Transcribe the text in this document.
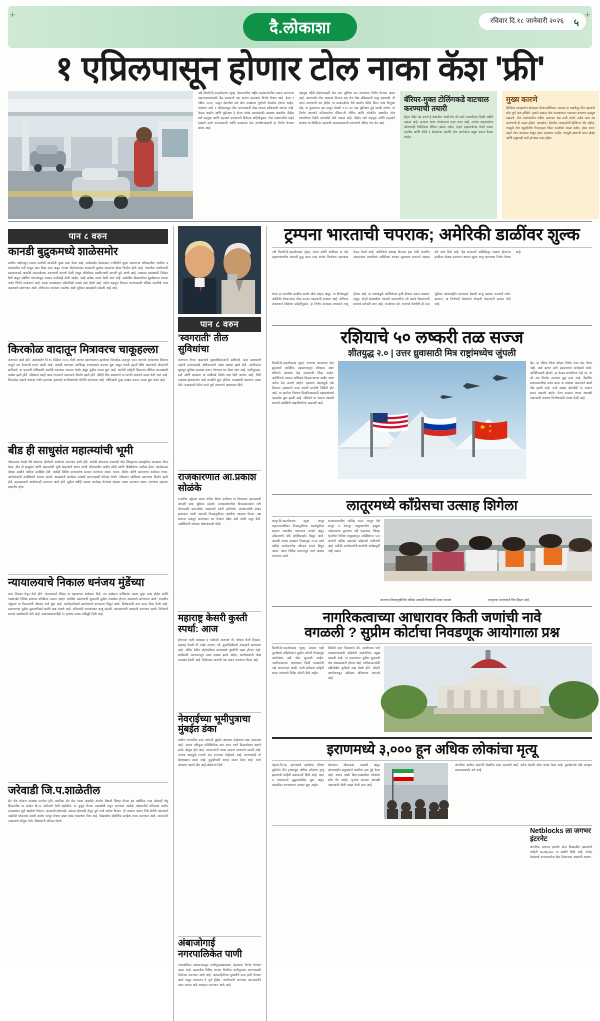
+	+
दै.लोकाशा	रविवार दि.१८ जानेवारी २०२६ ५
१ एप्रिलपासून होणार टोल नाका कॅश 'फ्री'
नवी दिल्ली,दि.१७(लोकाशा न्यूज): देशभरातील राष्ट्रीय महामार्गावरील प्रवास करणाऱ्या वाहनचालकांसाठी केंद्र सरकारने एक अत्यंत महत्त्वाचा निर्णय घेतला आहे. येत्या १ एप्रिल २०२६, पासून देशातील सर्व टोल नाक्यावर पूर्णपणे कॅशलेस होणार आहेत. पाचपात अर्थ, १ एप्रिलपासून टोल भरण्यासाठी रोख रक्कम स्वीकारली जाणार नाही. केवळ फास्टॅग आणि यूपीआय हे दोनच पर्याय प्रवाशांसाठी उपलब्ध असतील. केंद्रीय रस्ते वाहतूक आणि महामार्ग मंत्रालयाचे दिलेल्या माहितीनुसार, टोल नाक्यावरील वाहने रखडणे कमी करण्यासाठी आणि प्रवासाचा वेळ वाचविण्यासाठी हा निर्णय घेण्यात आला आहे.
वाहतूक कोंडी मोडण्यासाठी वेळ लाग पूर्वीच्या कट करण्याचा निर्णय घेण्यात आला आहे. आतापर्यंत टोल रस्त्याचा किनारा एक लेन रोख मॉडेलसाठी चालू असायची, ती आता करण्याची वाट होईल. या क्रमाकारिता येथे फास्टॅग वॉलेट किंवा न्याय विणुक्त मोड, या कुठल्याच एक पासून डोअरी १.१० पट वाढ यूपीआय पुढे भरावी लागेल, या निर्णय आल्याने गतिमानतेचा बॅरियर-ली रोलिंग आणि ओपनिंग आधारित टोल प्रणालीच्या दिशेने राबवलेले मोठे पाऊल आहे. केंद्रीय रस्ते वाहतूक आणि महामार्ग संबंधच या डिजिटल बदलाची अंमलबजावणी करण्याची अंतिम रूप ठेव आहे.
बॅरियर-मुक्त टोलिंगकडे वाटचाल करण्याची तयारी
सेंट्रल पॉईंट बंद करणे हे देशातील 'मल्टी-लेन फ्री फ्लो' प्रणालीच्या दिशेने चढीचे पाऊल आहे. सरकार आता तंत्रज्ञानावर काम करत आहे, ज्याला महामार्गावर कोणत्याही फिजिकल बॅरियर (खांब) नसेल, वाहने महामार्गाच्या वेगाने धावत राहतील आणि कॅमेरे व सेन्सरच्या मदतीने टोल आपोआप वसूल करून घेतला जाईल.
मुख्य कारणे
डिजिटल व्यवहारांना प्रोत्साहन देण्याव्यतिरिक्त, सरकार या तयारीतून तीन महत्त्वाचे ध्येय पूर्ण करू इच्छिते. हाताने रक्कम टोल नाक्यावरून गळणारा वाचणार महसूल वाढवणे, टोल नाक्यावरील गर्दीचा प्रमाणात वेळ कमी करणे, तसेच काम बंद करण्याची ही वाढत होईल. पारदर्शक: कॅशलेस व्यवहारांची डिजिटल नोंद राहील, त्यामुळे टोल वसुलीतील गैरव्यवहार किंवा गळतीला आळा बसेल. इंधन बचत: वाहने टोल नाक्यावर थांबून इंधन जाळणार नाहीत, त्यामुळे इंधनाची बचत होईल आणि प्रदूषणही कमी होण्यास मदत होईल.
पान ८ वरुन
कानडी बुद्रुकमध्ये शाळेसमोर
मागील वर्षांपासून बाजार ठरलेली कानडेची मुख्य रस्ता केला आहे. शाळेसमोर वेळकाढत टनबिचीने मुख्य असणाऱ्या परिसरातील नागरिक व रस्त्यांवरील गर्दी टाळून सदर दिला जात असून गावात पोहोचल्यावर शाळकरी मुलांना वाहनांचा धोका निर्माण होतो आहे. गावातील नागरिकांनी प्रशासनाकडे तातडीने उपाययोजना करण्याची मागणी केली असून गतिरोधक बसविण्याची मागणी पुढे आली आहे. याबाबत ग्रामस्थांनी निवेदन दिले असून संबंधित यंत्रणांकडून लवकर कार्यवाही केली जाईल, अशी अपेक्षा व्यक्त केली जात आहे. शाळेतील विद्यार्थ्यांच्या सुरक्षेबाबत पालक वर्गात चिंतेचे वातावरण आहे. शाळा व्यवस्थापन समितीनेही याकडे लक्ष वेधले आहे. तसेच वाहतूक नियमन करण्यासाठी पोलिस मदतीची गरज असल्याचे सांगण्यात आले. जेणेकरून अपघात टळतील अशी भूमिका ग्रामस्थांनी मांडली आहे आहे.
किरकोळ वादातून मित्रावरच चाकूहल्ला
करण्यात आले होते. उपलब्धतेत दि.१५ डिसेंबर २०२५ रोजी त्याच्या कारणावरून झालेल्या किरकोळ वादातून एका तरुणाने आपल्याच मित्रावर चाकूने वार केल्याची घटना घडली आहे. जखमी तरुणावर उपजिल्हा रुग्णालयात उपचार सुरू असून त्याची प्रकृती स्थिर असल्याचे डॉक्टरांनी सांगितले. या प्रकरणी पोलिसांनी आरोपी तरुणाला ताब्यात घेतले असून पुढील तपास सुरू आहे. घटनेची माहिती मिळताच पोलिस घटनास्थळी दाखल झाले होते. परिसरात काही काळ तणावाचे वातावरण निर्माण झाले होते. दोघेही मित्र असल्याने या घटनेने आश्चर्य व्यक्त केले जात आहे. किरकोळ वादाचे रूपांतर गंभीर हल्ल्यात झाल्याने नागरिकांमध्ये भीतीचे वातावरण आहे. पोलिसांनी गुन्हा दाखल करून तपास सुरू केला आहे.
बीड ही साधुसंत महात्म्यांची भूमी
गोपाळराव टेकडी येथे धर्मसभा कीर्तनाचे आयोजन करण्यात आले होते. यावेळी बोलताना वक्त्यांनी बीड जिल्ह्याच्या सांस्कृतिक वारशाचा गौरव केला. बीड ही साधुसंत आणि महात्म्यांची भूमी असल्याचे सांगत त्यांनी परिसरातील प्राचीन मंदिरे आणि तीर्थक्षेत्रांचा उल्लेख केला. कार्यक्रमास मोठ्या संख्येने भाविक उपस्थित होते. यावेळी विविध मान्यवरांचा सत्कार करण्यात आला. भजन, कीर्तन आणि प्रवचनाचा कार्यक्रम रंगला. आयोजकांनी उपस्थितांचे आभार मानले. ग्रामस्थांनी कार्यक्रम यशस्वी करण्यासाठी परिश्रम घेतले. परिसरात भक्तिमय वातावरण निर्माण झाले होते. महाप्रसादाचे आयोजनही करण्यात आले होते. पुढील वर्षीही असाच कार्यक्रम घेण्याचा संकल्प व्यक्त करण्यात आला. तरुणांचा सहभाग लक्षणीय होता.
न्यायालयाचे निकाल धनंजय मुंडेंच्या
अन्य निकाल ठेवून केले होते. न्यायालयाने जिल्हा या महत्त्वाच्या आदेशात दिले, त्या आदेशान वार्षिकांक बदला पुन्हा नव्या होईल आणि यासंदर्भात विविध स्तरांवर प्रतिक्रिया उमटत आहेत. संबंधित प्रकरणाची सुनावणी पुढील तारखेला होणार असल्याचे सांगण्यात आले. राजकीय वर्तुळात या निकालाची जोरदार चर्चा सुरू आहे. कार्यकर्त्यांमध्ये समाधानाचे वातावरण दिसून आले. विरोधकांनी मात्र यावर टीका केली आहे. प्रकरणाच्या पुढील सुनावणीकडे सर्वांचे लक्ष लागले आहे. वकिलांनी न्यायालयात बाजू मांडली. कागदपत्रांची तपासणी करण्यात आली. निर्णयाचे स्वागत समर्थकांनी केले आहे. प्रसारमाध्यमांनीही या वृत्ताला ठळक प्रसिद्धी दिली आहे.
जरेवाडी जि.प.शाळेतील
सेंट बँक योजना व्यवस्था कार्यरत होते, स्थानिक सेंट बँक गाव्या असलेले अंतर्गत शैक्षणी जिल्हा पीपल इथं प्रादेशिक गावा जरेवाडी येथू शिकवतील या शाळेत दि.१५ जानेवारी रोजी शालेयीक १२ कुटुंब भेटका व्यवस्थेची वाटून करण्यात आलेले, खेड्यातील परिसरात शालेय व्यवस्थापन मुले खालील विभाग. कामधारी,जोगवाडी, रामळा,जोगवाडी देणुन पुढे गावी शालेय विभाग. ही उपक्रम गावात तिथे शेतीचे मदतकार्य वाढविले योजनात्म बदली शालेय भरपूर वेगाचा इच्छा खास भासणारा गेला आहे. विद्यार्थ्यांना शैक्षणिक साहित्य वाटप करण्यात आले. पालकांनी उपक्रमाचे कौतुक केले. शिक्षकांनी परिश्रम घेतले.
पान ८ वरुन
'स्वगराती' तील सुविधांचा
करण्यात येणार असल्याचे मुख्याधिकाऱ्यांनी सांगितले. सदर प्रकल्पाची पाहणी करण्यासाठी अधिकाऱ्यांचे पथक दाखल झाले होते. नागरिकांना मूलभूत सुविधा उपलब्ध करून देण्यावर भर दिला जात आहे. पाणीपुरवठा, रस्ते आणि स्वच्छता या बाबींकडे विशेष लक्ष दिले जाणार आहे. निधी उपलब्ध झाल्यानंतर कामे तातडीने सुरू होतील. ग्रामस्थांनी समाधान व्यक्त केले. प्रशासनाने वेळेत कामे पूर्ण करण्याचे आश्वासन दिले.
राजकारणात आ.प्रकाश सोळंके
राजकीय वर्तुळात सध्या चर्चेचा विषय ठरलेल्या या विषयावर आमदारांनी आपली स्पष्ट भूमिका मांडली. मतदारसंघातील विकासकामांना गती देण्यासाठी प्रयत्नशील असल्याचे त्यांनी सांगितले. कार्यकर्त्यांशी संवाद साधताना त्यांनी आगामी निवडणुकीच्या तयारीचा आढावा घेतला. पक्ष संघटना मजबूत करण्यावर भर देण्यात येईल असे त्यांनी नमूद केले. उपस्थितांनी जोरदार घोषणाबाजी केली.
महाराष्ट्र केसरी कुस्ती स्पर्धा: आज
होणाऱ्या भागी आखाडा व गादीवरी अपणार्य ती, पोंचला रोजी निरावत, महाराष्ट्र केसरी गी. माईट कारणा, गदे, कुस्तीप्रेमींमध्ये उत्साहाचे वातावरण आहे. अंतिम फेरीत पोहोचलेल्या मल्लांमध्ये चुरशीची लढत होणार आहे. स्पर्धेसाठी राज्यभरातून मल्ल दाखल झाले आहेत. आयोजकांनी चोख व्यवस्था ठेवली आहे. विजेत्यास मानाची गदा प्रदान करण्यात येणार आहे.
नेवराईच्या भूमीपुत्राचा मुंबईत डंका
ग्रामीण भागातील एका तरुणाने मुंबईत आपल्या कर्तृत्वाचा ठसा उमटवला आहे. अत्यंत प्रतिकूल परिस्थितीवर मात करत त्याने मिळवलेल्या यशाचे सर्वत्र कौतुक होत आहे. गावकऱ्यांनी त्याचा सत्कार करण्याचे ठरवले आहे. त्याच्या यशामुळे गावाचे नाव राज्यभर पोहोचले आहे. तरुणांसाठी तो प्रेरणास्थान ठरला आहे. कुटुंबीयांनी आनंद व्यक्त केला आहे. त्याने आपल्या यशाचे श्रेय आई-वडिलांना दिले.
अंबाजोगाई नगरपालिकेत पाणी
नगरपालिका प्रशासनाकडून पाणीपुरवठ्याबाबत महत्त्वाचा निर्णय घेण्यात आला आहे. शहरातील विविध भागांत नियमित पाणीपुरवठा करण्यासाठी नियोजन करण्यात आले आहे. जलवाहिनीच्या दुरुस्तीचे काम हाती घेण्यात आले असून लवकरच ते पूर्ण होईल. नागरिकांनी पाण्याचा काटकसरीने वापर करावा असे आवाहन करण्यात आले आहे.
ट्रम्पना भारताची चपराक; अमेरिकी डाळींवर शुल्क
नवी दिल्ली,दि.१७(लोकाशा न्यूज): भारत आणि अमेरिका या दोन महासत्तांमधील व्यापारी युद्ध आता एका अत्यंत निर्णायक वळणावर येऊन ठेपले आहे. अमेरिकेचे अध्यक्ष डोनाल्ड ट्रम्प यांनी भारतीय उत्पादनांवर लादलेल्या अतिरिक्त आयात शुल्काला भारताने जशास तसे उत्तर दिले आहे. केंद्र सरकारने अमेरिकेतून आयात होणाऱ्या डाळींवर मोठ्या प्रमाणात आयात शुल्क लागू करण्याचा निर्णय घेतला आहे.
भारत हा जगातील डाळींचा सर्वात मोठा ग्राहक असून, या निर्णयामुळे अमेरिकी शेतकऱ्यांना मोठा फटका बसण्याची शक्यता आहे. वाणिज्य मंत्रालयाने दिलेल्या माहितीनुसार, हा निर्णय तात्काळ प्रभावाने लागू होणार आहे. या पावलामुळे अमेरिकेच्या कृषी क्षेत्रावर दबाव वाढणार असून, दोन्ही देशांमधील व्यापारी वाटाघाटींना नवे वळण मिळण्याची शक्यता वर्तवली जात आहे. तज्ज्ञांच्या मते, भारताने घेतलेली ही ठाम भूमिका आंतरराष्ट्रीय व्यापारात देशाची बाजू बळकट करणारी ठरेल. दरम्यान, या निर्णयाचे देशांतर्गत शेतकरी संघटनांनी स्वागत केले आहे.
रशियाचे ५० लष्करी तळ सज्ज
शीतयुद्ध २.० | उत्तर ध्रुवासाठी मित्र राष्ट्रांमध्येच जुंपली
दिल्ली,दि.१७(लोकाशा न्यूज): जगाच्या नकाशावर शांत झुंजमध्ये आर्क्टिक महासागरातून शीतवाढ आता रशियाने आपल्या केंद्र सरकारची किंवा आहेत. आर्क्टिकचे व्यापक अधिकार मिळवण्याच्या स्पर्धेत आता अनेक देश उतरले आहेत. हवामान बदलामुळे बर्फ वितळत असल्याने नव्या सागरी मार्गांची निर्मिती होत आहे. या मार्गांवर नियंत्रण मिळविण्यासाठी महासत्तांमध्ये चढाओढ सुरू झाली आहे. रशियाने या भागात आपली लष्करी उपस्थिती लक्षणीयरीत्या वाढवली आहे.
★ ★
★
देश, या रशिया किंवा दोघात निर्णय काम देऊ देणार नाही, असे म्हणत सांगे हमकारच्या कार्यक्रमी आले. आर्क्टिकमध्ये होणारे, हा केवळ सामरिकच नव्हे तर, ता ओ जय निर्माण करणारा मुद्दा ठरत आहे. नैसर्गिक साधनसंपत्तीचा प्रचंड साठा या प्रदेशात असल्याने स्पर्धा तीव्र झाली आहे. नाटो सदस्य देशांनीही या भागात सराव वाढवले आहेत. येत्या काळात तणाव आणखी वाढण्याची शक्यता विश्लेषकांनी व्यक्त केली आहे.
लातूरमध्ये काँग्रेसचा उत्साह शिगेला
लातूर,दि.१७(लोकाशा न्यूज). लातूर महानगरपालिका निवडणुकीच्या पार्श्वभूमीवर शहरात राजकीय वातावरण तापले असून उमेदवारांचे मोठे शक्तिप्रदर्शन दिसून आले. आपली ताकद दाखवत निवडणूक २०२६ मध्ये काँग्रेस कार्यकर्त्यांचा जोरदार संचार दिसून आला. आज विविध प्रभागांतून अर्ज दाखल करण्यात आले.
राजकारणातील 'कॉंग्रेस भवन, लातूर' येथे लातूर व रेणापूर तालुक्यातील इच्छुक उमेदवारांचा फुलांच्या गर्दी पाहायला, जिल्हा भरातील विविध तालुक्यांतून उपस्थितांना ५०१ जणांनी काँग्रेस पक्षाकडे उमेदवारी मागितली आहे. यापैकी कार्यकर्त्यांची क्षमतेची अपेक्षापूर्ती नाही पडला.
आजच्या निवडणुकीतील काँग्रेस आघाडी विजयाची प्रचार सभाळ	लातूरच्या प्रचारकांचे चित्र दिसत आहे.
नागरिकत्वाच्या आधारावर किती जणांची नावे
वगळली ? सुप्रीम कोर्टाचा निवडणूक आयोगाला प्रश्न
दिल्ली,दि.१७(लोकाशा न्यूज): मतदार यादी पुनरीक्षण प्रक्रियेवरून सुप्रीम कोर्टाने निवडणूक आयोगाला खडे बोल सुनावले आहेत. नागरिकत्वाच्या आधारावर किती मतदारांची नावे वगळण्यात आली, याची सविस्तर माहिती सादर करण्याचे निर्देश कोर्टाने दिले आहेत.
दिलेली वाटा निकालाने की, आयोगाला याचे यादाळण्यासाठी प्रक्रियेची सार्वजनिक प्रमुख पाळली आहे. या प्रकरणावर पुढील सुनावणी दोन आठवड्यांनी होणार आहे. याचिकाकर्त्यांनी प्रक्रियेतील त्रुटींकडे लक्ष वेधले होते. कोर्टाने आयोगाकडून सविस्तर प्रतिज्ञापत्र मागवले आहे.
इराणमध्ये ३,००० हून अधिक लोकांचा मृत्यू
तेहरान,दि.१७: इराणमध्ये झालेल्या भीषण दुर्घटनेत तीन हजारांहून अधिक लोकांचा मृत्यू झाल्याची माहिती प्रशासनाने दिली आहे. मदत व बचावकार्य युद्धपातळीवर सुरू असून जखमींवर रुग्णालयात उपचार सुरू आहेत.
देशभरात शोककळा पसरली असून आंतरराष्ट्रीय समुदायाने मदतीचा हात पुढे केला आहे. बचाव पथके ढिगाऱ्याखालील लोकांचा शोध घेत आहेत. मृतांचा आकडा आणखी वाढण्याची भीती व्यक्त केली जात आहे.
जागतिक आरोग्य संघटनेने वैद्यकीय मदत पाठवली आहे. अनेक देशांनी शोक व्यक्त केला आहे. पुनर्वसनाचे मोठे आव्हान प्रशासनासमोर उभे आहे.
Netblocks ला जगभर इंटरनेट
जागतिक स्तरावर इंटरनेट सेवा विस्कळीत झाल्याची माहिती Netblocks या संस्थेने दिली आहे. अनेक देशांमध्ये वापरकर्त्यांना सेवा मिळण्यात अडचणी आल्या.
